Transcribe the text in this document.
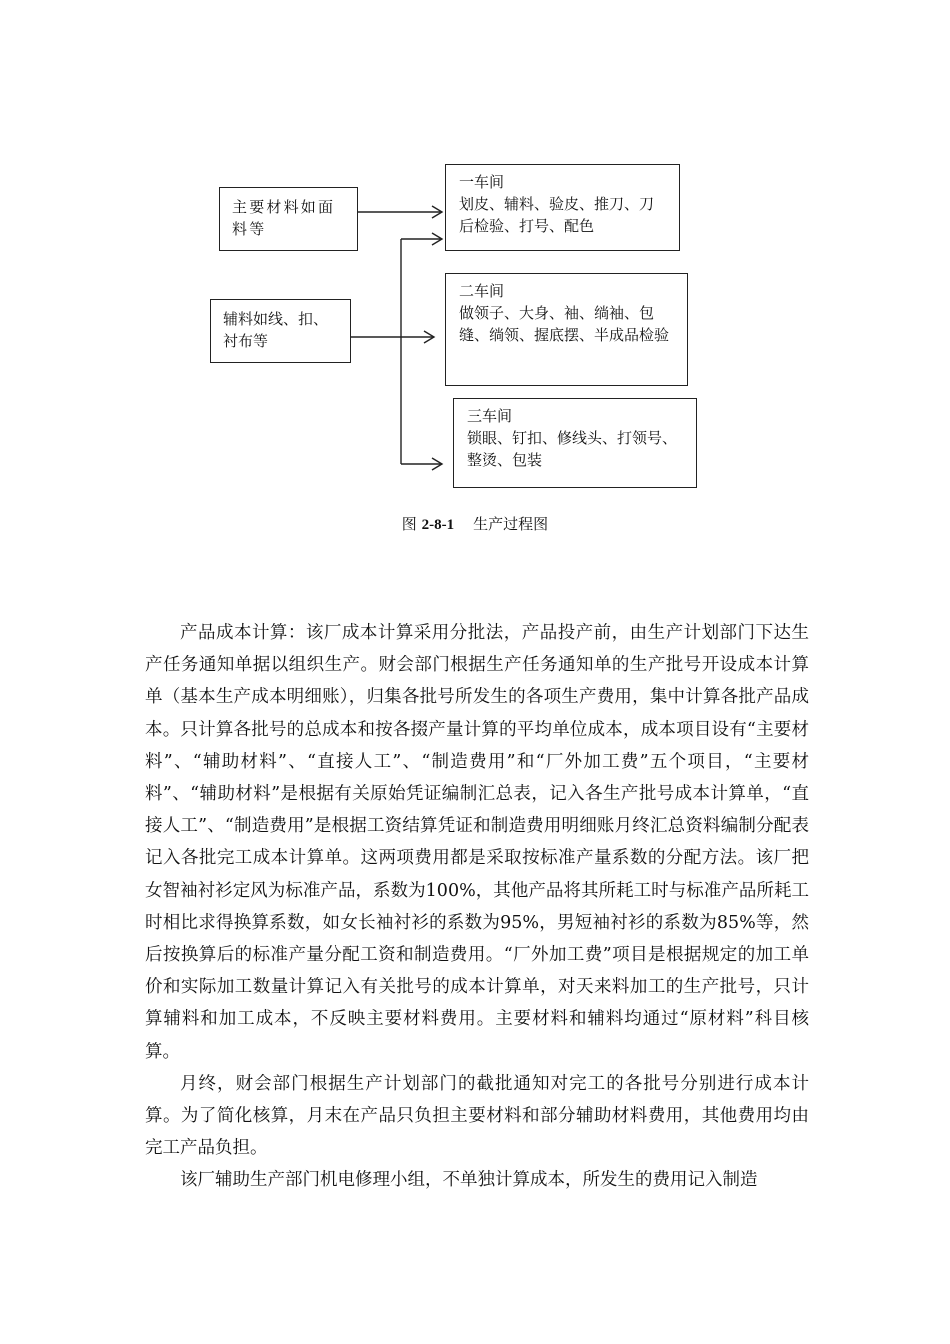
主要材料如面料等
辅料如线、扣、衬布等
一车间
划皮、辅料、验皮、推刀、刀后检验、打号、配色
二车间
做领子、大身、袖、绱袖、包缝、绱领、握底摆、半成品检验
三车间
锁眼、钉扣、修线头、打领号、整烫、包装
图 2-8-1 生产过程图

产品成本计算：该厂成本计算采用分批法，产品投产前，由生产计划部门下达生产任务通知单据以组织生产。财会部门根据生产任务通知单的生产批号开设成本计算单（基本生产成本明细账），归集各批号所发生的各项生产费用，集中计算各批产品成本。只计算各批号的总成本和按各掇产量计算的平均单位成本，成本项目设有“主要材料”、“辅助材料”、“直接人工”、“制造费用”和“厂外加工费”五个项目，“主要材料”、“辅助材料”是根据有关原始凭证编制汇总表，记入各生产批号成本计算单，“直接人工”、“制造费用”是根据工资结算凭证和制造费用明细账月终汇总资料编制分配表记入各批完工成本计算单。这两项费用都是采取按标准产量系数的分配方法。该厂把女智袖衬衫定风为标准产品，系数为100%，其他产品将其所耗工时与标准产品所耗工时相比求得换算系数，如女长袖衬衫的系数为95%，男短袖衬衫的系数为85%等，然后按换算后的标准产量分配工资和制造费用。“厂外加工费”项目是根据规定的加工单价和实际加工数量计算记入有关批号的成本计算单，对天来料加工的生产批号，只计算辅料和加工成本，不反映主要材料费用。主要材料和辅料均通过“原材料”科目核算。

月终，财会部门根据生产计划部门的截批通知对完工的各批号分别进行成本计算。为了简化核算，月末在产品只负担主要材料和部分辅助材料费用，其他费用均由完工产品负担。

该厂辅助生产部门机电修理小组，不单独计算成本，所发生的费用记入制造
